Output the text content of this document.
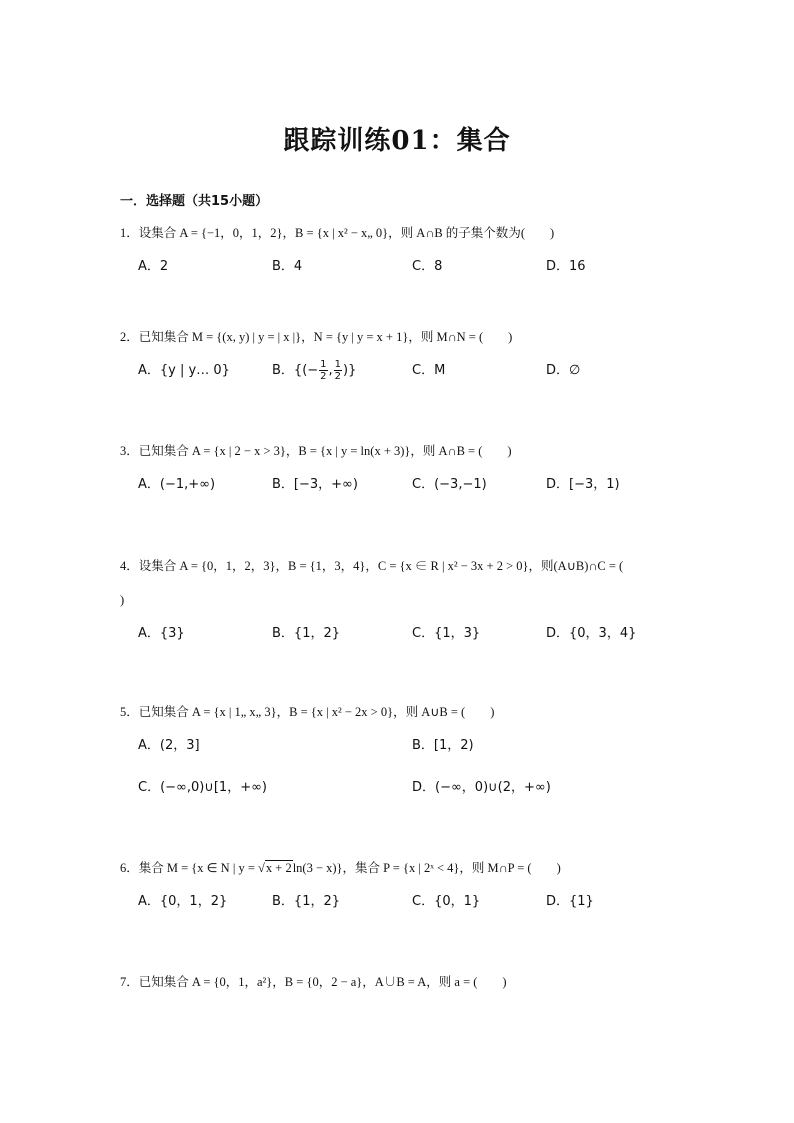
跟踪训练01：集合
一．选择题（共15小题）
1．设集合 A = {−1，0，1，2}，B = {x | x² − x„ 0}，则 A∩B 的子集个数为(　　)
A．2	B．4	C．8	D．16
2．已知集合 M = {(x, y) | y = | x |}，N = {y | y = x + 1}，则 M∩N = (　　)
A．{y | y… 0}	B．{(− $\frac{1}{2}$ , $\frac{1}{2}$ )}	C．M	D．∅
3．已知集合 A = {x | 2 − x > 3}，B = {x | y = ln(x + 3)}，则 A∩B = (　　)
A．(−1,+∞)	B．[−3，+∞)	C．(−3,−1)	D．[−3，1)
4．设集合 A = {0，1，2，3}，B = {1，3，4}，C = {x ∈ R | x² − 3x + 2 > 0}，则(A∪B)∩C = (
)
A．{3}	B．{1，2}	C．{1，3}	D．{0，3，4}
5．已知集合 A = {x | 1„ x„ 3}，B = {x | x² − 2x > 0}，则 A∪B = (　　)
A．(2，3]	B．[1，2)
C．(−∞,0)∪[1，+∞)	D．(−∞，0)∪(2，+∞)
6．集合 M = {x ∈ N | y = √x + 2ln(3 − x)}，集合 P = {x | 2ˣ < 4}，则 M∩P = (　　)
A．{0，1，2}	B．{1，2}	C．{0，1}	D．{1}
7．已知集合 A = {0，1，a²}，B = {0，2 − a}，A∪B = A，则 a = (　　)
